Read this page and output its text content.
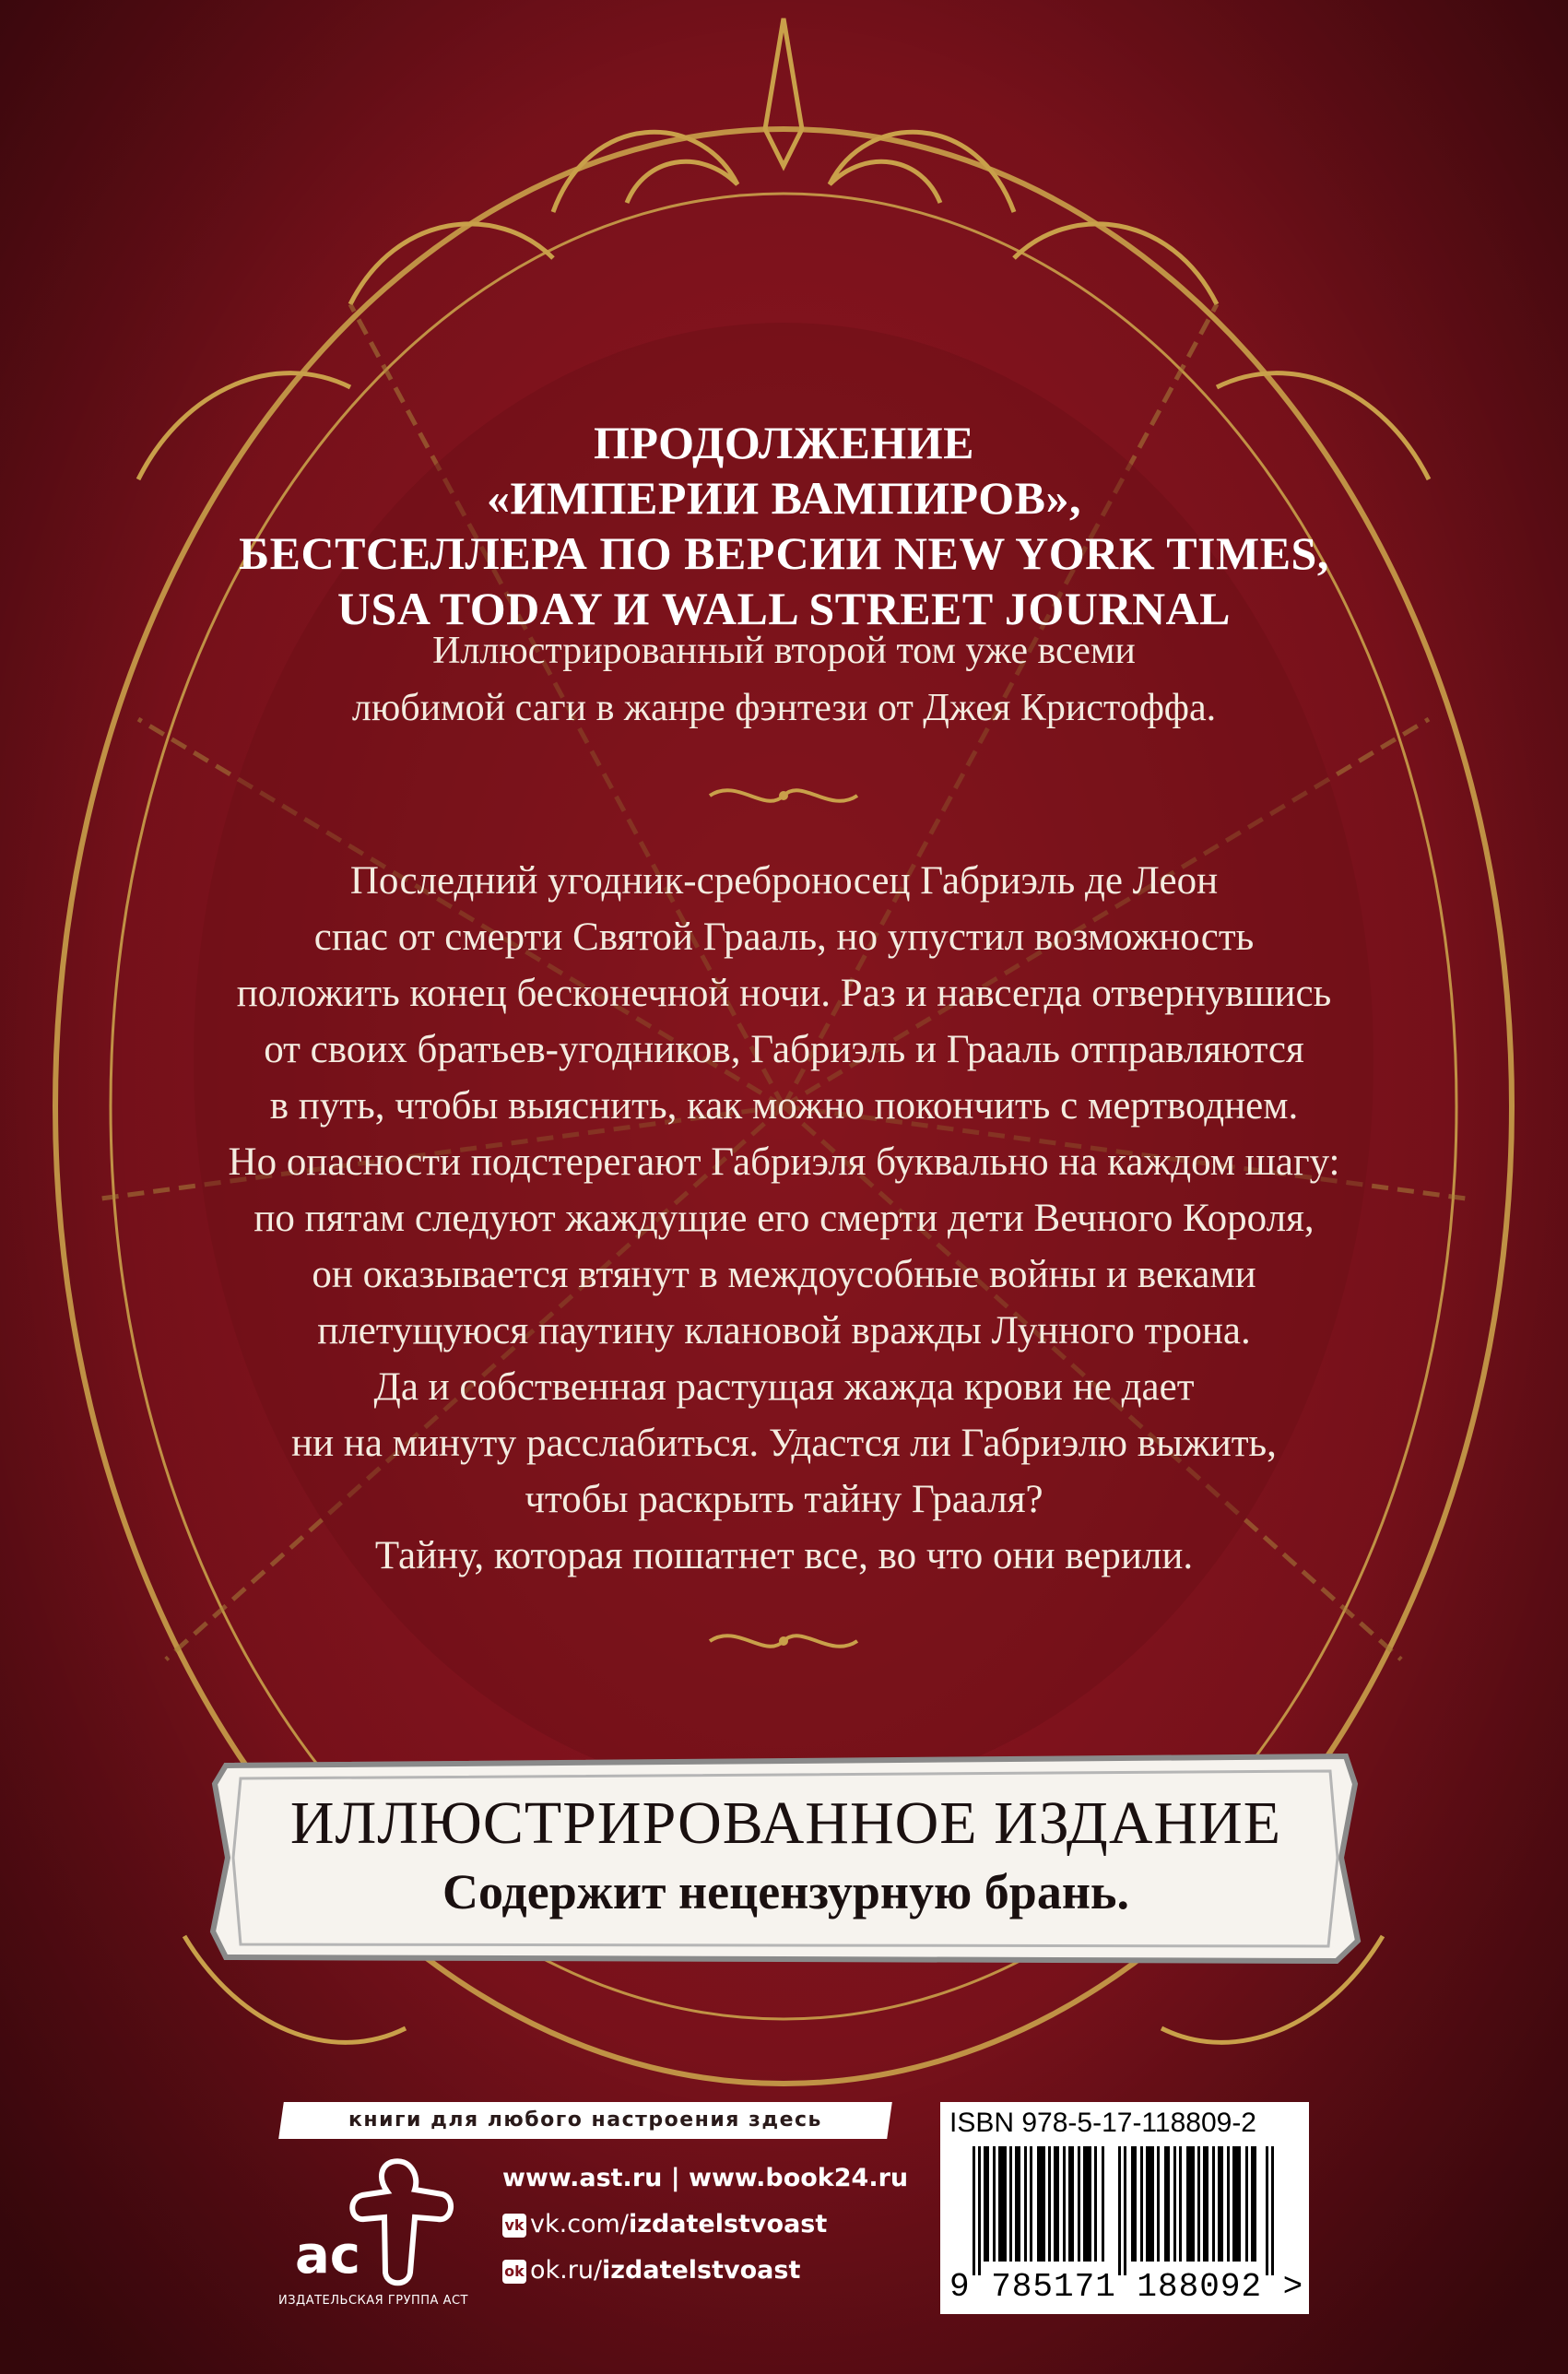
ПРОДОЛЖЕНИЕ
«ИМПЕРИИ ВАМПИРОВ»,
БЕСТСЕЛЛЕРА ПО ВЕРСИИ NEW YORK TIMES,
USA TODAY И WALL STREET JOURNAL
Иллюстрированный второй том уже всеми
любимой саги в жанре фэнтези от Джея Кристоффа.
Последний угодник-среброносец Габриэль де Леон
спас от смерти Святой Грааль, но упустил возможность
положить конец бесконечной ночи. Раз и навсегда отвернувшись
от своих братьев-угодников, Габриэль и Грааль отправляются
в путь, чтобы выяснить, как можно покончить с мертводнем.
Но опасности подстерегают Габриэля буквально на каждом шагу:
по пятам следуют жаждущие его смерти дети Вечного Короля,
он оказывается втянут в междоусобные войны и веками
плетущуюся паутину клановой вражды Лунного трона.
Да и собственная растущая жажда крови не дает
ни на минуту расслабиться. Удастся ли Габриэлю выжить,
чтобы раскрыть тайну Грааля?
Тайну, которая пошатнет все, во что они верили.
ИЛЛЮСТРИРОВАННОЕ ИЗДАНИЕ
Содержит нецензурную брань.
книги для любого настроения здесь
ас
ИЗДАТЕЛЬСКАЯ ГРУППА АСТ
www.ast.ru | www.book24.ru
vk vk.com/izdatelstvoast
ok ok.ru/izdatelstvoast
ISBN 978-5-17-118809-2
9 785171 188092 >
